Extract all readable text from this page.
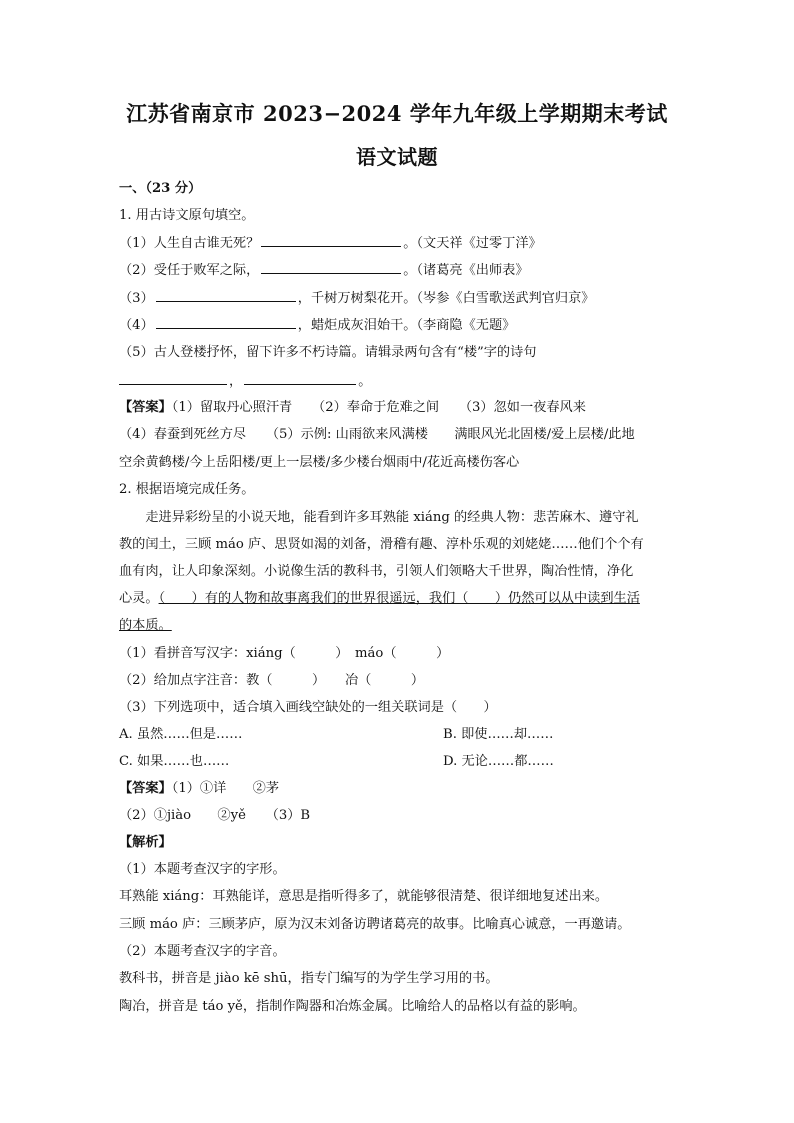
江苏省南京市 2023−2024 学年九年级上学期期末考试
语文试题
一、（23 分）
1. 用古诗文原句填空。
（1）人生自古谁无死？	。（文天祥《过零丁洋》
（2）受任于败军之际，	。（诸葛亮《出师表》
（3）	，千树万树梨花开。（岑参《白雪歌送武判官归京》
（4）	，蜡炬成灰泪始干。（李商隐《无题》
（5）古人登楼抒怀，留下许多不朽诗篇。请辑录两句含有“楼”字的诗句
，	。
【答案】（1）留取丹心照汗青　　（2）奉命于危难之间　　（3）忽如一夜春风来
（4）春蚕到死丝方尽　　（5）示例: 山雨欲来风满楼　　满眼风光北固楼/爱上层楼/此地
空余黄鹤楼/今上岳阳楼/更上一层楼/多少楼台烟雨中/花近高楼伤客心
2. 根据语境完成任务。
　　走进异彩纷呈的小说天地，能看到许多耳熟能 xiáng 的经典人物：悲苦麻木、遵守礼
教的闰土，三顾 máo 庐、思贤如渴的刘备，滑稽有趣、淳朴乐观的刘姥姥……他们个个有
血有肉，让人印象深刻。小说像生活的教科书，引领人们领略大千世界，陶冶性情，净化
心灵。（　　）有的人物和故事离我们的世界很遥远，我们（　　）仍然可以从中读到生活
的本质。
（1）看拼音写汉字：xiáng（　　　）　máo（　　　）
（2）给加点字注音：教（　　　）　　冶（　　　）
（3）下列选项中，适合填入画线空缺处的一组关联词是（　　）
A. 虽然……但是……	B. 即使……却……
C. 如果……也……	D. 无论……都……
【答案】（1）①详　　②茅
（2）①jiào　　②yě　　（3）B
【解析】
（1）本题考查汉字的字形。
耳熟能 xiáng：耳熟能详，意思是指听得多了，就能够很清楚、很详细地复述出来。
三顾 máo 庐：三顾茅庐，原为汉末刘备访聘诸葛亮的故事。比喻真心诚意，一再邀请。
（2）本题考查汉字的字音。
教科书，拼音是 jiào kē shū，指专门编写的为学生学习用的书。
陶冶，拼音是 táo yě，指制作陶器和冶炼金属。比喻给人的品格以有益的影响。
